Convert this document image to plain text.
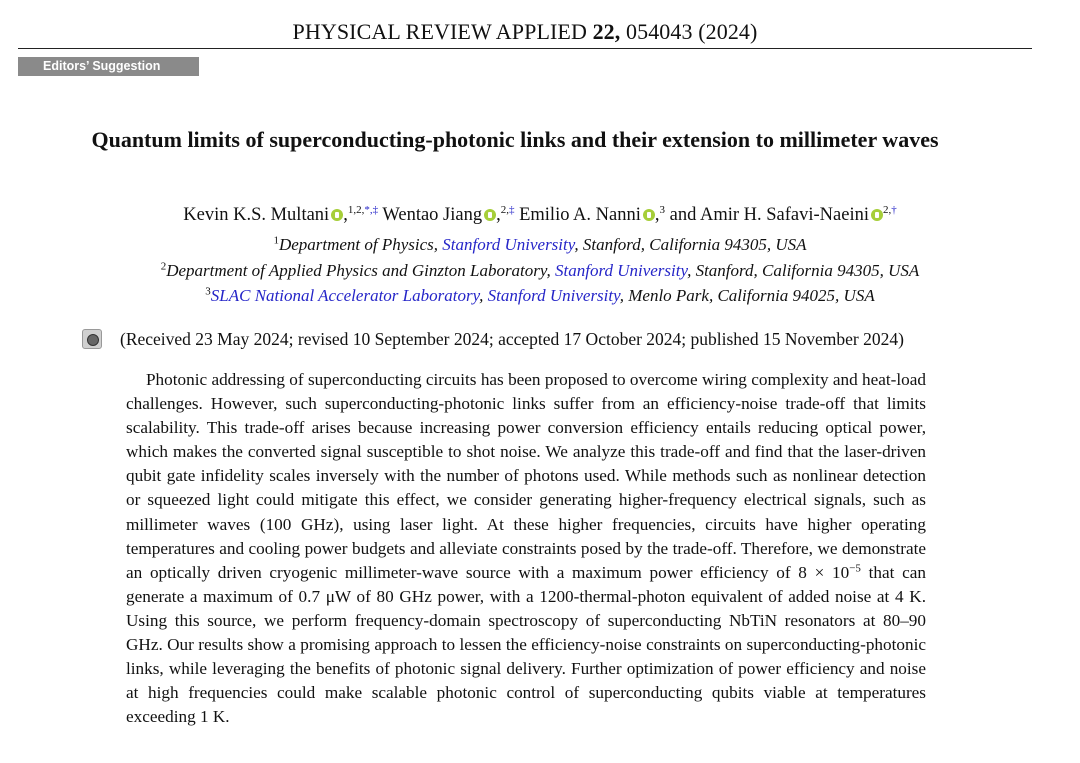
PHYSICAL REVIEW APPLIED 22, 054043 (2024)
Editors’ Suggestion
Quantum limits of superconducting-photonic links and their extension to millimeter waves
Kevin K.S. Multani ,$^{1,2,*,\ddagger}$ Wentao Jiang ,$^{2,\ddagger}$ Emilio A. Nanni ,$^3$ and Amir H. Safavi-Naeini $^{2,\dagger}$
$^1$Department of Physics, Stanford University, Stanford, California 94305, USA
$^2$Department of Applied Physics and Ginzton Laboratory, Stanford University, Stanford, California 94305, USA
$^3$SLAC National Accelerator Laboratory, Stanford University, Menlo Park, California 94025, USA
(Received 23 May 2024; revised 10 September 2024; accepted 17 October 2024; published 15 November 2024)
Photonic addressing of superconducting circuits has been proposed to overcome wiring complexity and heat-load challenges. However, such superconducting-photonic links suffer from an efficiency-noise trade-off that limits scalability. This trade-off arises because increasing power conversion efficiency entails reducing optical power, which makes the converted signal susceptible to shot noise. We analyze this trade-off and find that the laser-driven qubit gate infidelity scales inversely with the number of photons used. While methods such as nonlinear detection or squeezed light could mitigate this effect, we consider generating higher-frequency electrical signals, such as millimeter waves (100 GHz), using laser light. At these higher frequencies, circuits have higher operating temperatures and cooling power budgets and alleviate constraints posed by the trade-off. Therefore, we demonstrate an optically driven cryogenic millimeter-wave source with a maximum power efficiency of $8 \times 10^{-5}$ that can generate a maximum of 0.7 μW of 80 GHz power, with a 1200-thermal-photon equivalent of added noise at 4 K. Using this source, we perform frequency-domain spectroscopy of superconducting NbTiN resonators at 80–90 GHz. Our results show a promising approach to lessen the efficiency-noise constraints on superconducting-photonic links, while leveraging the benefits of photonic signal delivery. Further optimization of power efficiency and noise at high frequencies could make scalable photonic control of superconducting qubits viable at temperatures exceeding 1 K.
